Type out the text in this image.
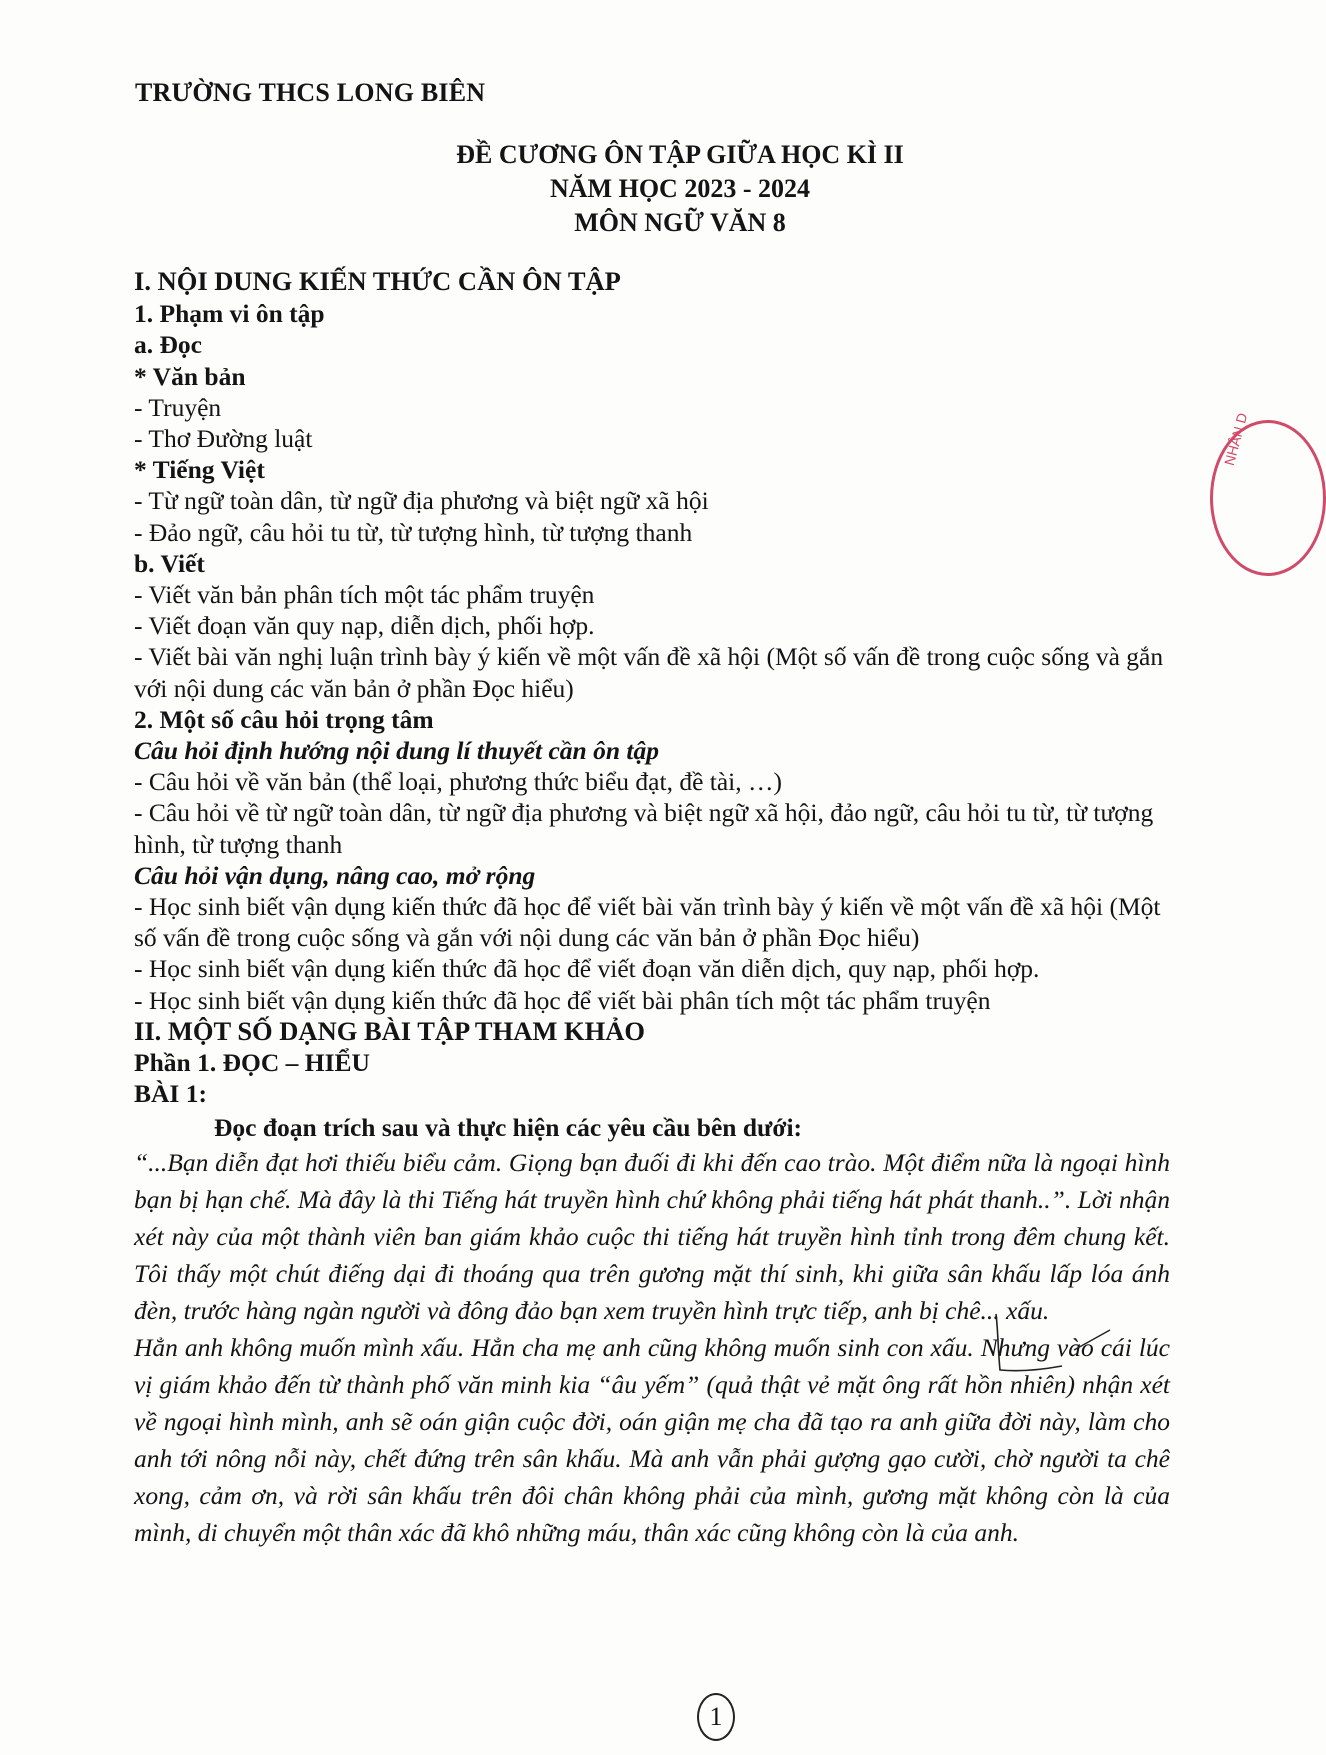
TRƯỜNG THCS LONG BIÊN
ĐỀ CƯƠNG ÔN TẬP GIỮA HỌC KÌ II
NĂM HỌC 2023 - 2024
MÔN NGỮ VĂN 8
I. NỘI DUNG KIẾN THỨC CẦN ÔN TẬP
1. Phạm vi ôn tập
a. Đọc
* Văn bản
- Truyện
- Thơ Đường luật
* Tiếng Việt
- Từ ngữ toàn dân, từ ngữ địa phương và biệt ngữ xã hội
- Đảo ngữ, câu hỏi tu từ, từ tượng hình, từ tượng thanh
b. Viết
- Viết văn bản phân tích một tác phẩm truyện
- Viết đoạn văn quy nạp, diễn dịch, phối hợp.
- Viết bài văn nghị luận trình bày ý kiến về một vấn đề xã hội (Một số vấn đề trong cuộc sống và gắn với nội dung các văn bản ở phần Đọc hiểu)
2. Một số câu hỏi trọng tâm
Câu hỏi định hướng nội dung lí thuyết cần ôn tập
- Câu hỏi về văn bản (thể loại, phương thức biểu đạt, đề tài, …)
- Câu hỏi về từ ngữ toàn dân, từ ngữ địa phương và biệt ngữ xã hội, đảo ngữ, câu hỏi tu từ, từ tượng hình, từ tượng thanh
Câu hỏi vận dụng, nâng cao, mở rộng
- Học sinh biết vận dụng kiến thức đã học để viết bài văn trình bày ý kiến về một vấn đề xã hội (Một số vấn đề trong cuộc sống và gắn với nội dung các văn bản ở phần Đọc hiểu)
- Học sinh biết vận dụng kiến thức đã học để viết đoạn văn diễn dịch, quy nạp, phối hợp.
- Học sinh biết vận dụng kiến thức đã học để viết bài phân tích một tác phẩm truyện
II. MỘT SỐ DẠNG BÀI TẬP THAM KHẢO
Phần 1. ĐỌC – HIỂU
BÀI 1:
Đọc đoạn trích sau và thực hiện các yêu cầu bên dưới:
“...Bạn diễn đạt hơi thiếu biểu cảm. Giọng bạn đuối đi khi đến cao trào. Một điểm nữa là ngoại hình bạn bị hạn chế. Mà đây là thi Tiếng hát truyền hình chứ không phải tiếng hát phát thanh..”. Lời nhận xét này của một thành viên ban giám khảo cuộc thi tiếng hát truyền hình tỉnh trong đêm chung kết. Tôi thấy một chút điếng dại đi thoáng qua trên gương mặt thí sinh, khi giữa sân khấu lấp lóa ánh đèn, trước hàng ngàn người và đông đảo bạn xem truyền hình trực tiếp, anh bị chê... xấu.
Hẳn anh không muốn mình xấu. Hẳn cha mẹ anh cũng không muốn sinh con xấu. Nhưng vào cái lúc vị giám khảo đến từ thành phố văn minh kia “âu yếm” (quả thật vẻ mặt ông rất hồn nhiên) nhận xét về ngoại hình mình, anh sẽ oán giận cuộc đời, oán giận mẹ cha đã tạo ra anh giữa đời này, làm cho anh tới nông nỗi này, chết đứng trên sân khấu. Mà anh vẫn phải gượng gạo cười, chờ người ta chê xong, cảm ơn, và rời sân khấu trên đôi chân không phải của mình, gương mặt không còn là của mình, di chuyển một thân xác đã khô những máu, thân xác cũng không còn là của anh.
NHÂN D
1
